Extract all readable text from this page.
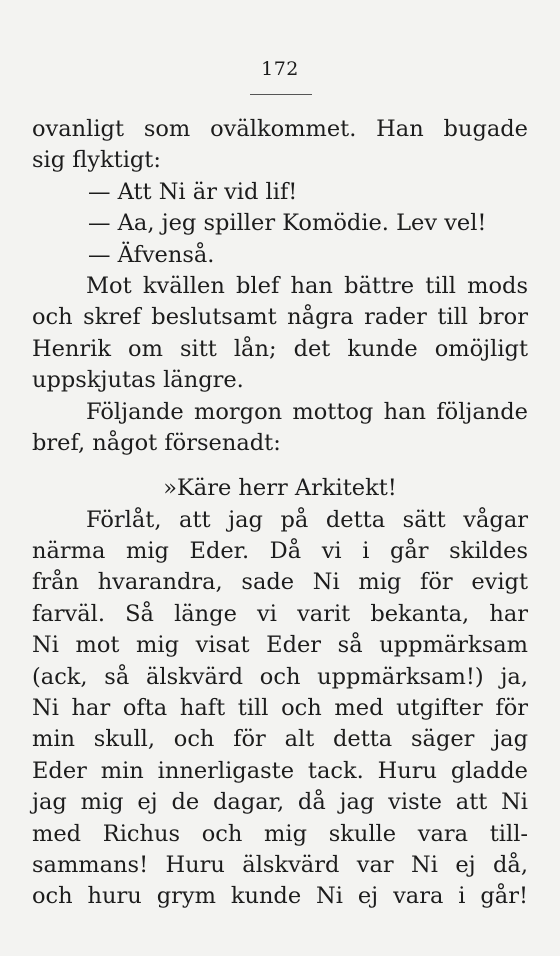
172
ovanligt som ovälkommet. Han bugade
sig flyktigt:
— Att Ni är vid lif!
— Aa, jeg spiller Komödie. Lev vel!
— Äfvenså.
Mot kvällen blef han bättre till mods
och skref beslutsamt några rader till bror
Henrik om sitt lån; det kunde omöjligt
uppskjutas längre.
Följande morgon mottog han följande
bref, något försenadt:
»Käre herr Arkitekt!
Förlåt, att jag på detta sätt vågar
närma mig Eder. Då vi i går skildes
från hvarandra, sade Ni mig för evigt
farväl. Så länge vi varit bekanta, har
Ni mot mig visat Eder så uppmärksam
(ack, så älskvärd och uppmärksam!) ja,
Ni har ofta haft till och med utgifter för
min skull, och för alt detta säger jag
Eder min innerligaste tack. Huru gladde
jag mig ej de dagar, då jag viste att Ni
med Richus och mig skulle vara till-
sammans! Huru älskvärd var Ni ej då,
och huru grym kunde Ni ej vara i går!
